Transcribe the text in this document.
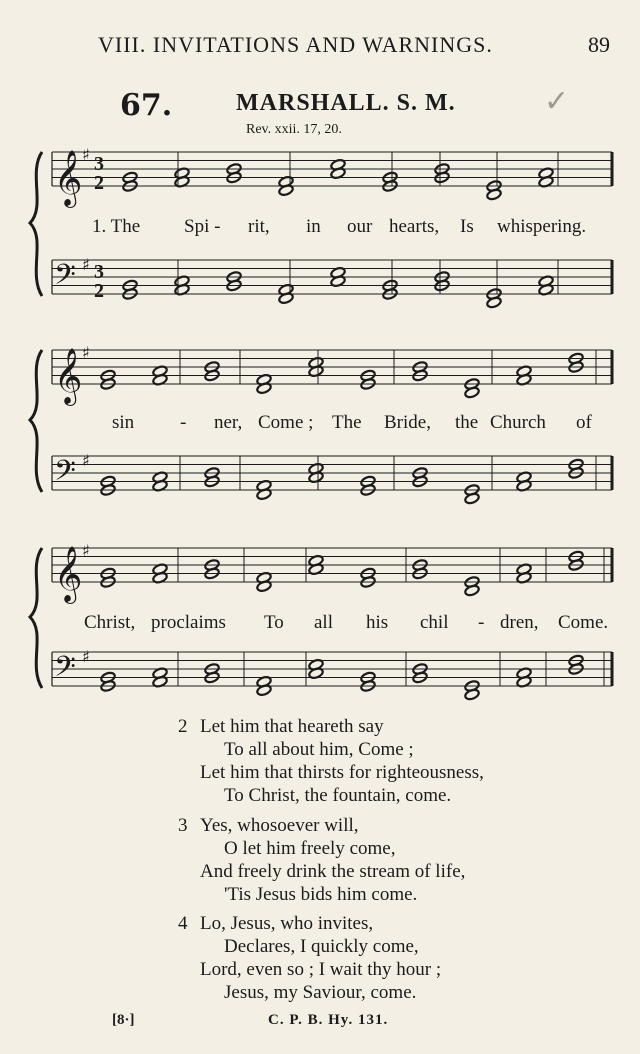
VIII. INVITATIONS AND WARNINGS.	89
67.	MARSHALL. S. M.	✓
Rev. xxii. 17, 20.
𝄞 ♯ 3
2
𝄢 ♯ 3
2
𝄞 ♯
𝄢 ♯
𝄞 ♯
𝄢 ♯
1. The Spi - rit, in our hearts, Is whispering.
sin - ner, Come ; The Bride, the Church of
Christ, proclaims To all his chil - dren, Come.
2 Let him that heareth say
To all about him, Come ;
Let him that thirsts for righteousness,
To Christ, the fountain, come.
3 Yes, whosoever will,
O let him freely come,
And freely drink the stream of life,
'Tis Jesus bids him come.
4 Lo, Jesus, who invites,
Declares, I quickly come,
Lord, even so ; I wait thy hour ;
Jesus, my Saviour, come.
[8·]	C. P. B. Hy. 131.
